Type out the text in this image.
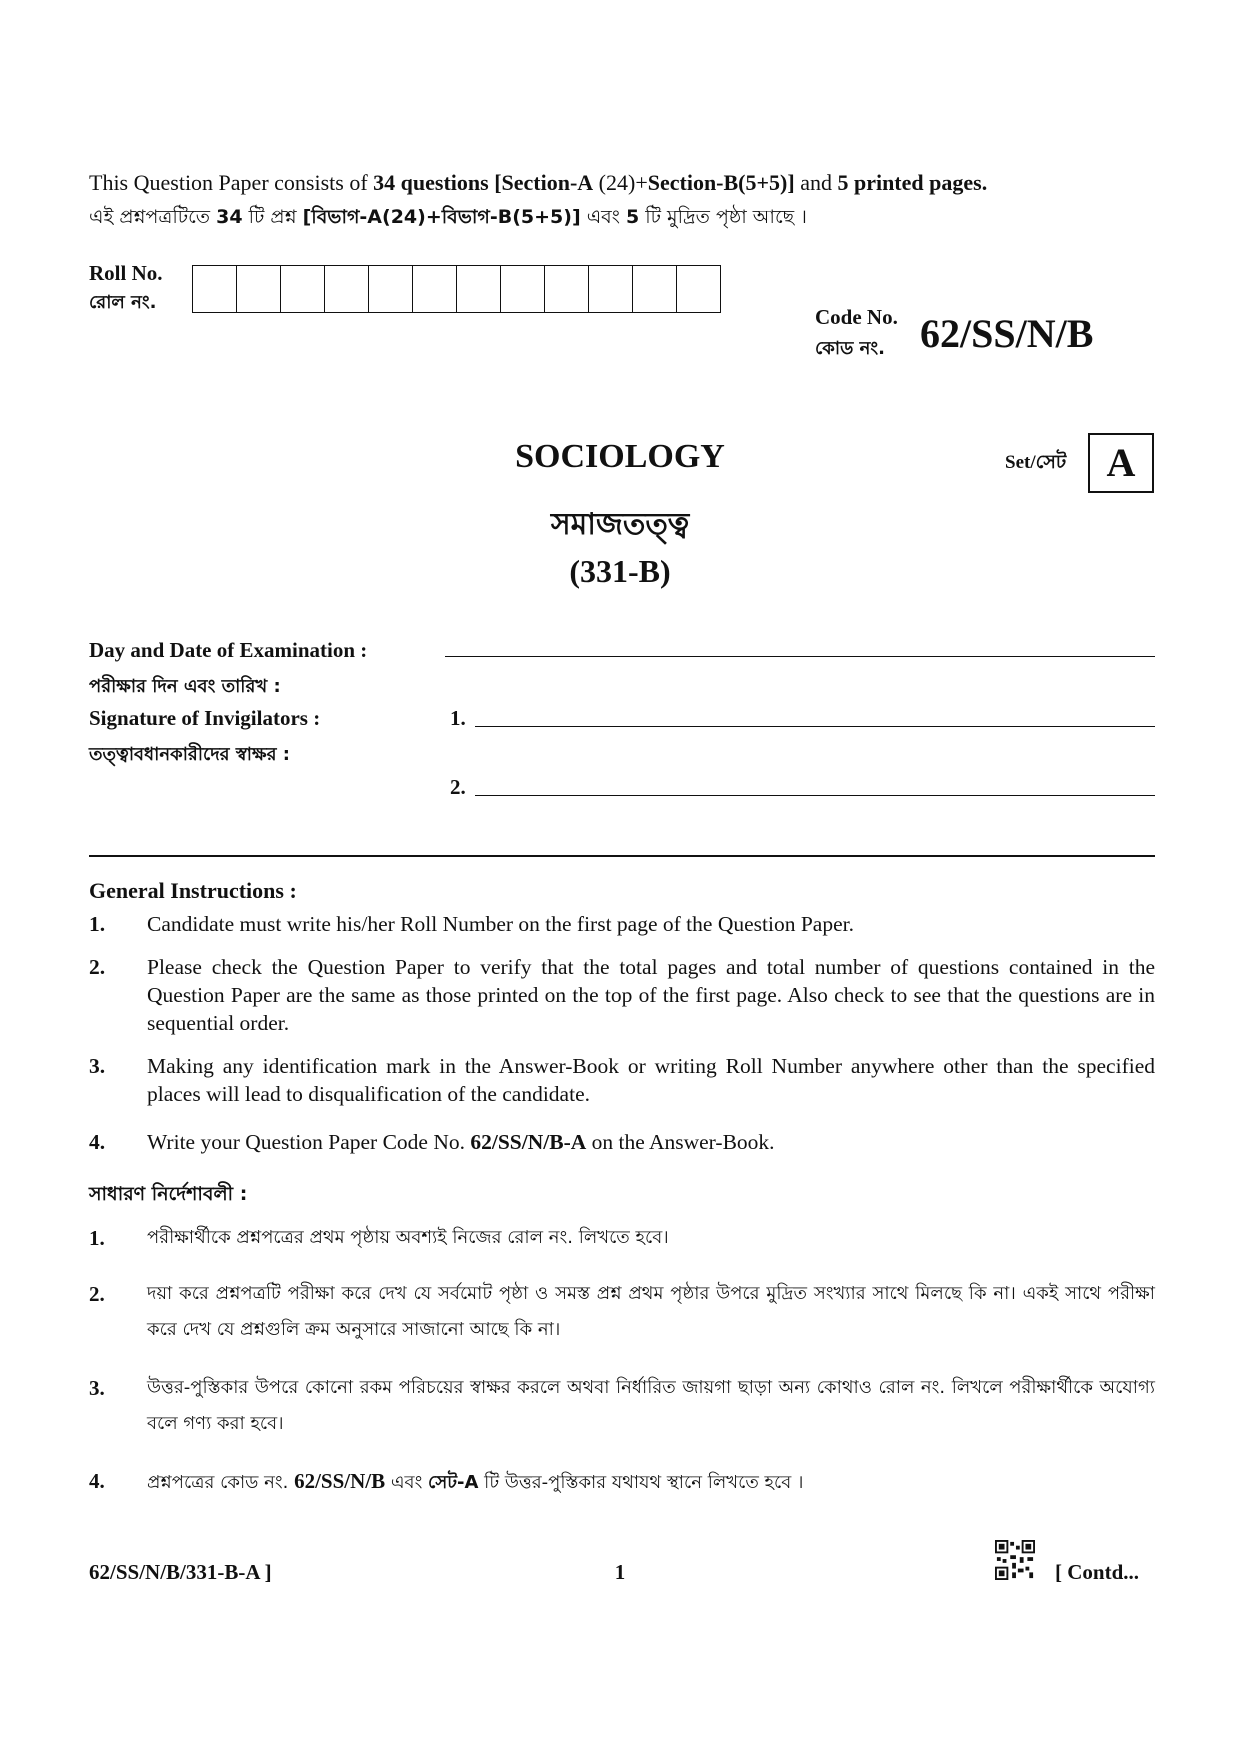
This Question Paper consists of 34 questions [Section-A (24)+Section-B(5+5)] and 5 printed pages.
এই প্রশ্নপত্রটিতে 34 টি প্রশ্ন [বিভাগ-A(24)+বিভাগ-B(5+5)] এবং 5 টি মুদ্রিত পৃষ্ঠা আছে ।
Roll No.
রোল নং.
Code No.
কোড নং. 62/SS/N/B
SOCIOLOGY
সমাজতত্ত্ব
(331-B)
Set/সেট	A
Day and Date of Examination :
পরীক্ষার দিন এবং তারিখ :
Signature of Invigilators :	1.
তত্ত্বাবধানকারীদের স্বাক্ষর :
2.
General Instructions :
1.	Candidate must write his/her Roll Number on the first page of the Question Paper.
2.	Please check the Question Paper to verify that the total pages and total number of questions contained in the Question Paper are the same as those printed on the top of the first page. Also check to see that the questions are in sequential order.
3.	Making any identification mark in the Answer-Book or writing Roll Number anywhere other than the specified places will lead to disqualification of the candidate.
4.	Write your Question Paper Code No. 62/SS/N/B-A on the Answer-Book.
সাধারণ নির্দেশাবলী :
1.	পরীক্ষার্থীকে প্রশ্নপত্রের প্রথম পৃষ্ঠায় অবশ্যই নিজের রোল নং. লিখতে হবে।
2.	দয়া করে প্রশ্নপত্রটি পরীক্ষা করে দেখ যে সর্বমোট পৃষ্ঠা ও সমস্ত প্রশ্ন প্রথম পৃষ্ঠার উপরে মুদ্রিত সংখ্যার সাথে মিলছে কি না। একই সাথে পরীক্ষা করে দেখ যে প্রশ্নগুলি ক্রম অনুসারে সাজানো আছে কি না।
3.	উত্তর-পুস্তিকার উপরে কোনো রকম পরিচয়ের স্বাক্ষর করলে অথবা নির্ধারিত জায়গা ছাড়া অন্য কোথাও রোল নং. লিখলে পরীক্ষার্থীকে অযোগ্য বলে গণ্য করা হবে।
4.	প্রশ্নপত্রের কোড নং. 62/SS/N/B এবং সেট-A টি উত্তর-পুস্তিকার যথাযথ স্থানে লিখতে হবে ।
62/SS/N/B/331-B-A ]	1	[ Contd...
